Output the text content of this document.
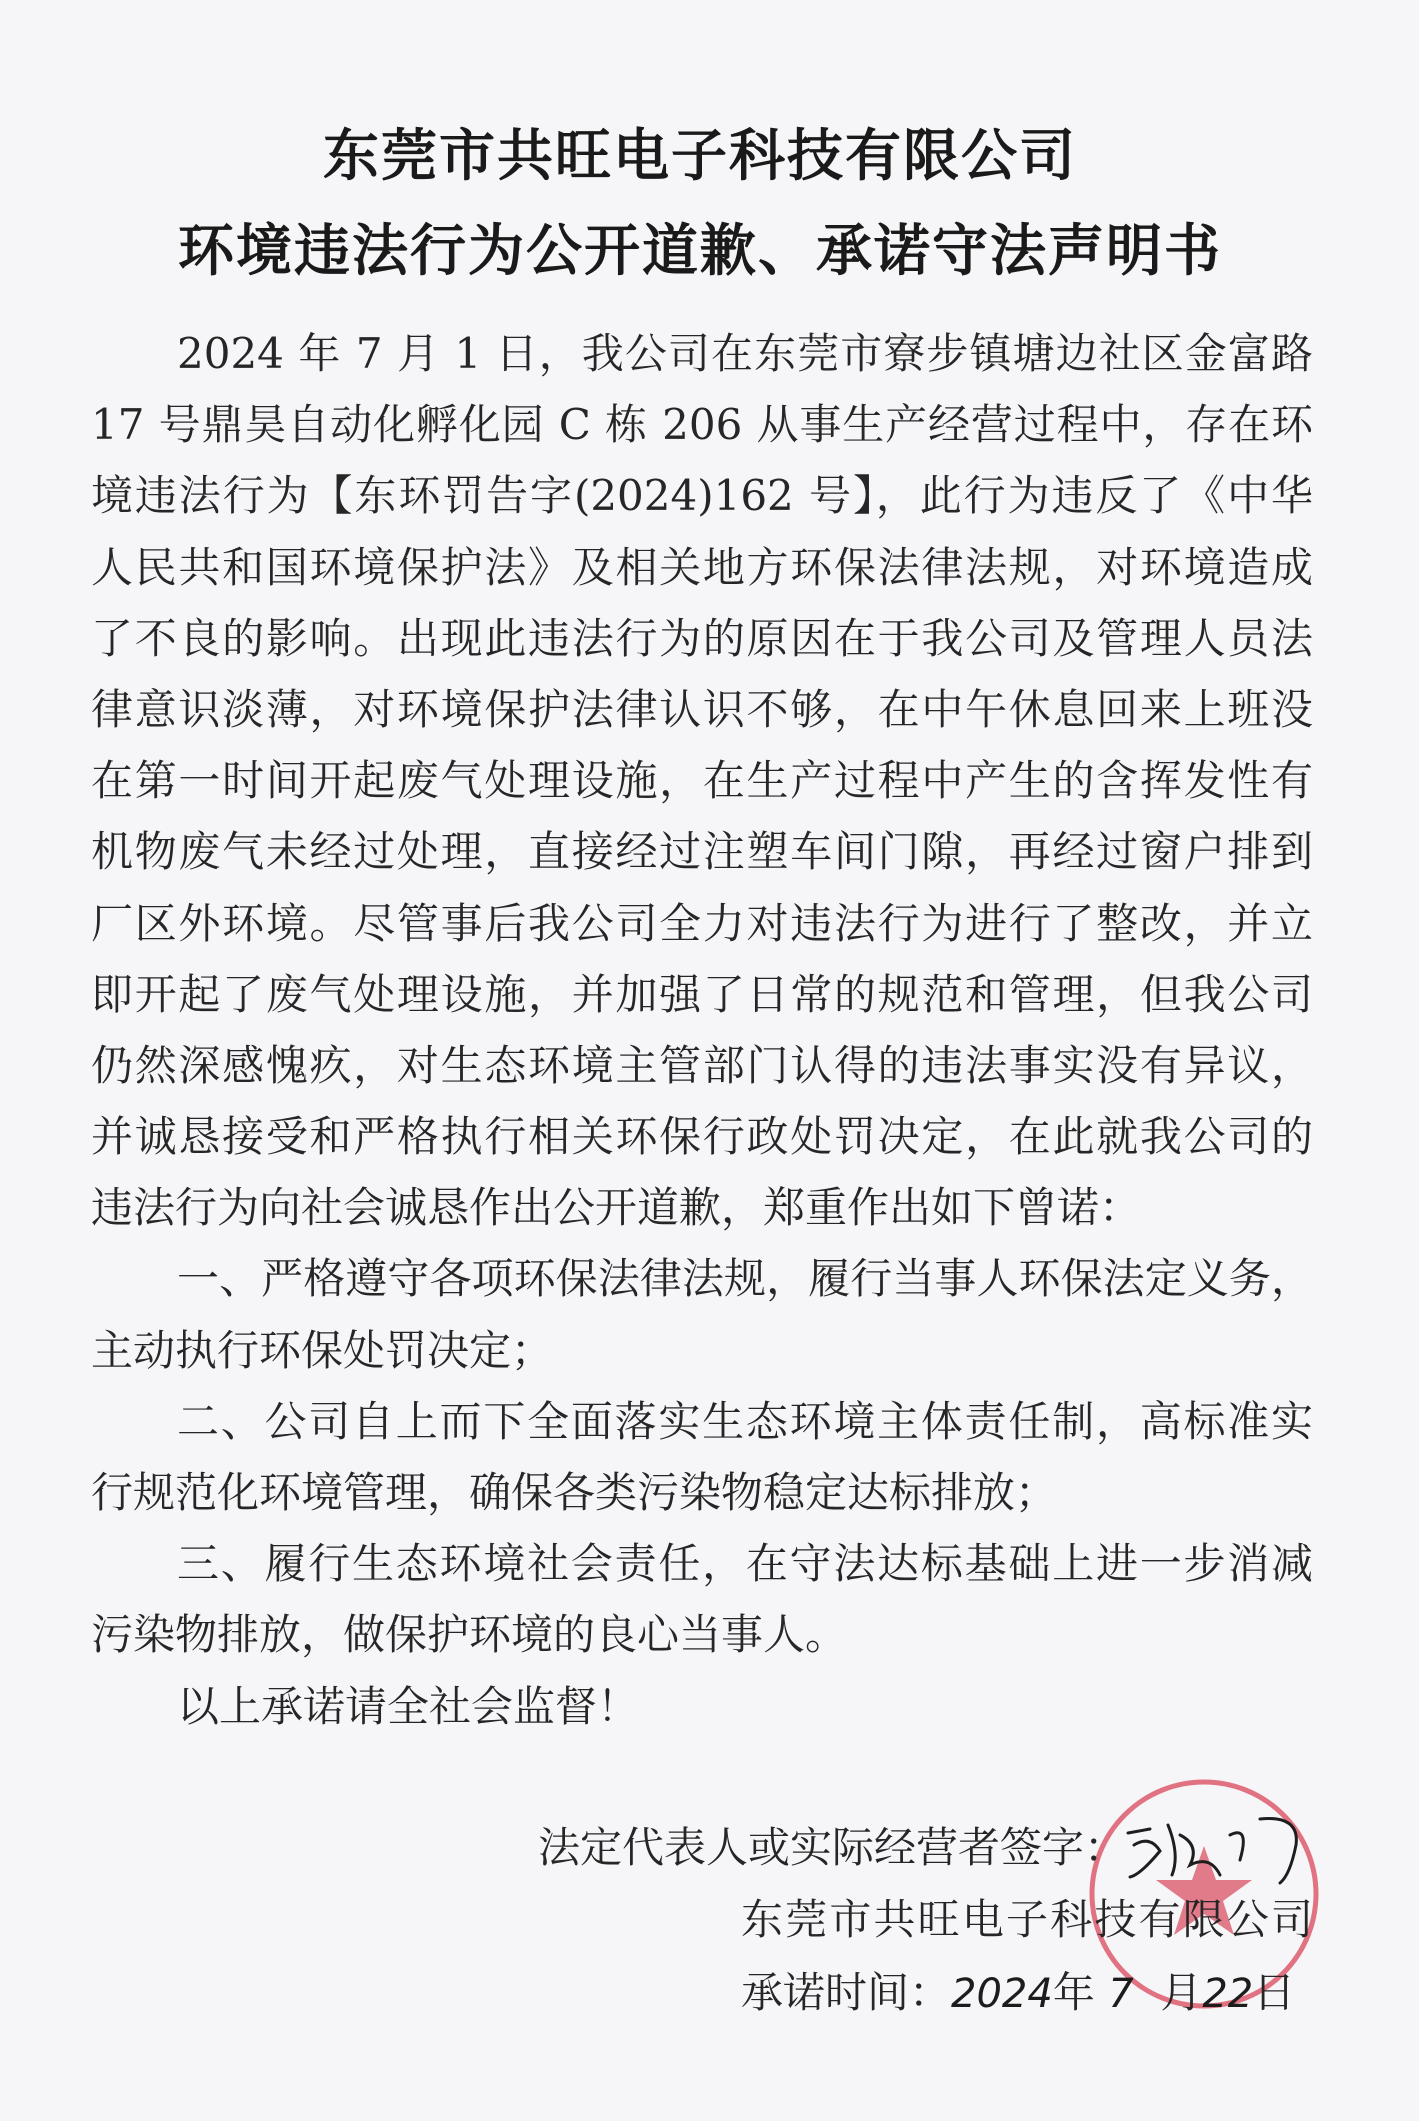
东莞市共旺电子科技有限公司
环境违法行为公开道歉、承诺守法声明书
2024 年 7 月 1 日，我公司在东莞市寮步镇塘边社区金富路
17 号鼎昊自动化孵化园 C 栋 206 从事生产经营过程中，存在环
境违法行为【东环罚告字(2024)162 号】，此行为违反了《中华
人民共和国环境保护法》及相关地方环保法律法规，对环境造成
了不良的影响。出现此违法行为的原因在于我公司及管理人员法
律意识淡薄，对环境保护法律认识不够，在中午休息回来上班没
在第一时间开起废气处理设施，在生产过程中产生的含挥发性有
机物废气未经过处理，直接经过注塑车间门隙，再经过窗户排到
厂区外环境。尽管事后我公司全力对违法行为进行了整改，并立
即开起了废气处理设施，并加强了日常的规范和管理，但我公司
仍然深感愧疚，对生态环境主管部门认得的违法事实没有异议，
并诚恳接受和严格执行相关环保行政处罚决定，在此就我公司的
违法行为向社会诚恳作出公开道歉，郑重作出如下曾诺：
一、严格遵守各项环保法律法规，履行当事人环保法定义务，
主动执行环保处罚决定；
二、公司自上而下全面落实生态环境主体责任制，高标准实
行规范化环境管理，确保各类污染物稳定达标排放；
三、履行生态环境社会责任，在守法达标基础上进一步消减
污染物排放，做保护环境的良心当事人。
以上承诺请全社会监督！
法定代表人或实际经营者签字：
东莞市共旺电子科技有限公司
承诺时间：2024年 7 月22日
